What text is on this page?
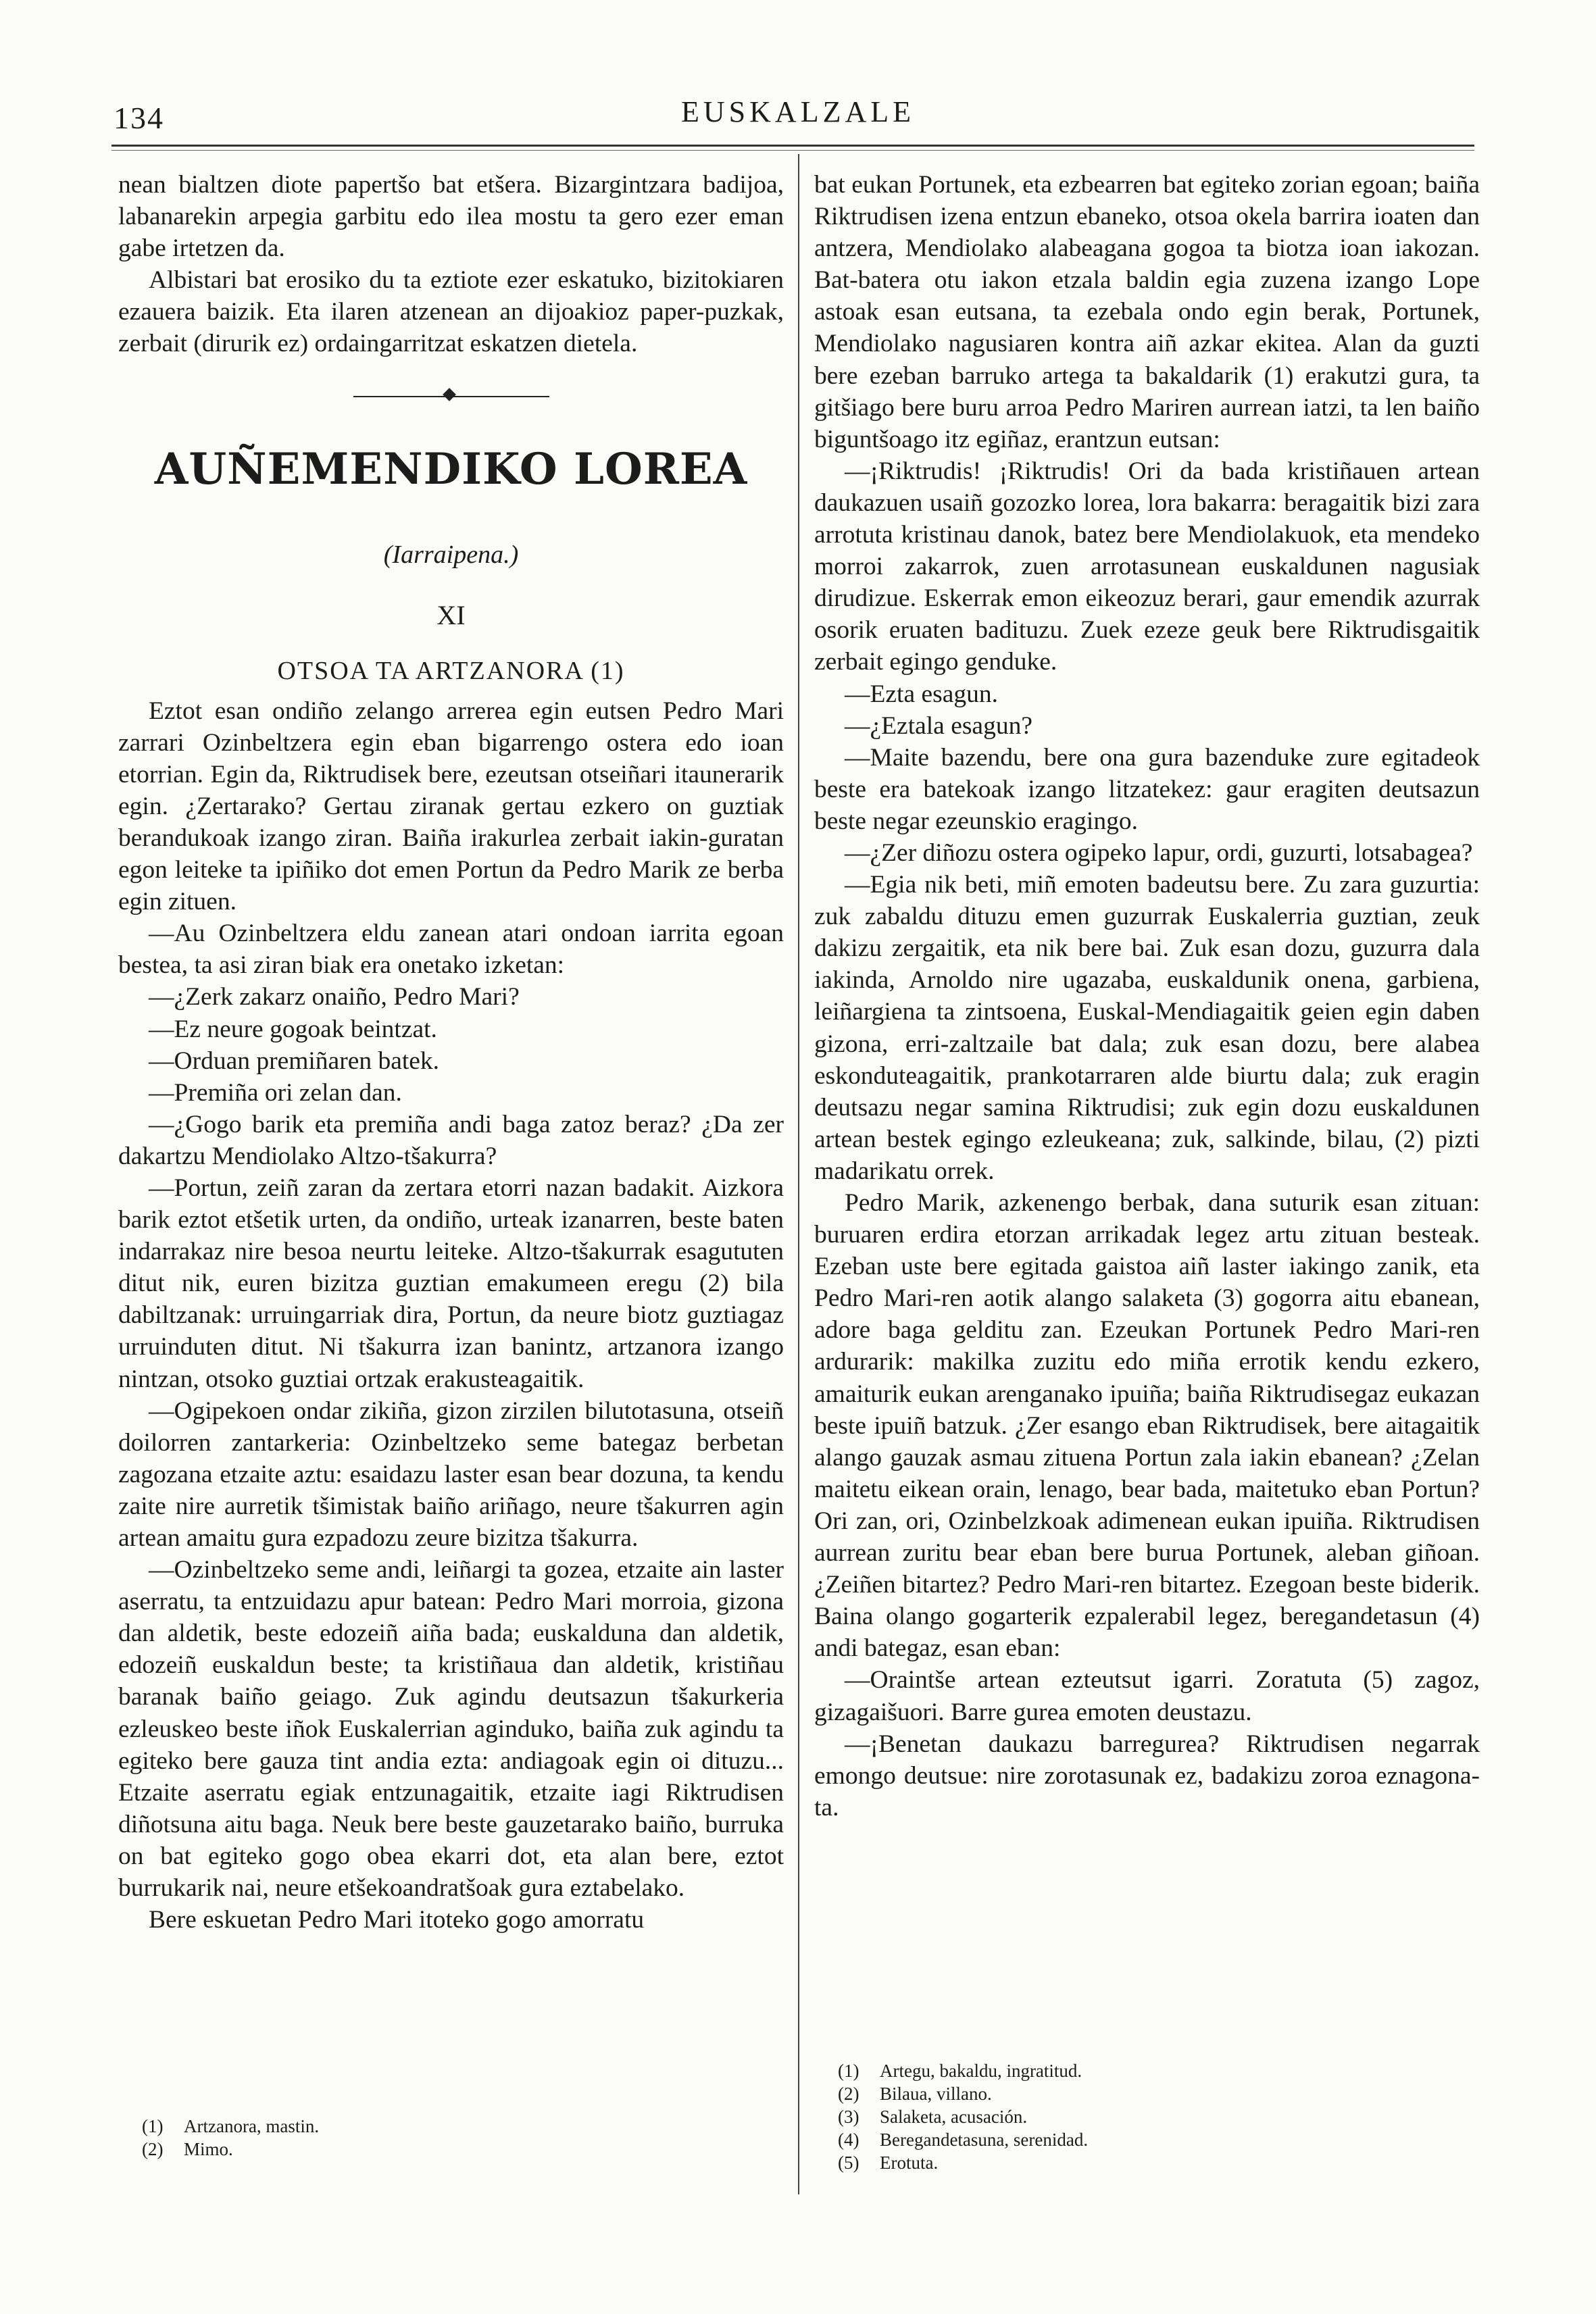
134	EUSKALZALE

nean bialtzen diote papertšo bat etšera. Bizargintzara badijoa, labanarekin arpegia garbitu edo ilea mostu ta gero ezer eman gabe irtetzen da.

Albistari bat erosiko du ta eztiote ezer eskatuko, bizitokiaren ezauera baizik. Eta ilaren atzenean an dijoakioz paper-puzkak, zerbait (dirurik ez) ordaingarritzat eskatzen dietela.

AUÑEMENDIKO LOREA
(Iarraipena.)
XI
OTSOA TA ARTZANORA (1)

Eztot esan ondiño zelango arrerea egin eutsen Pedro Mari zarrari Ozinbeltzera egin eban bigarrengo ostera edo ioan etorrian. Egin da, Riktrudisek bere, ezeutsan otseiñari itaunerarik egin. ¿Zertarako? Gertau ziranak gertau ezkero on guztiak berandukoak izango ziran. Baiña irakurlea zerbait iakin-guratan egon leiteke ta ipiñiko dot emen Portun da Pedro Marik ze berba egin zituen.

—Au Ozinbeltzera eldu zanean atari ondoan iarrita egoan bestea, ta asi ziran biak era onetako izketan:

—¿Zerk zakarz onaiño, Pedro Mari?

—Ez neure gogoak beintzat.

—Orduan premiñaren batek.

—Premiña ori zelan dan.

—¿Gogo barik eta premiña andi baga zatoz beraz? ¿Da zer dakartzu Mendiolako Altzo-tšakurra?

—Portun, zeiñ zaran da zertara etorri nazan badakit. Aizkora barik eztot etšetik urten, da ondiño, urteak izanarren, beste baten indarrakaz nire besoa neurtu leiteke. Altzo-tšakurrak esagututen ditut nik, euren bizitza guztian emakumeen eregu (2) bila dabiltzanak: urruingarriak dira, Portun, da neure biotz guztiagaz urruinduten ditut. Ni tšakurra izan banintz, artzanora izango nintzan, otsoko guztiai ortzak erakusteagaitik.

—Ogipekoen ondar zikiña, gizon zirzilen bilutotasuna, otseiñ doilorren zantarkeria: Ozinbeltzeko seme bategaz berbetan zagozana etzaite aztu: esaidazu laster esan bear dozuna, ta kendu zaite nire aurretik tšimistak baiño ariñago, neure tšakurren agin artean amaitu gura ezpadozu zeure bizitza tšakurra.

—Ozinbeltzeko seme andi, leiñargi ta gozea, etzaite ain laster aserratu, ta entzuidazu apur batean: Pedro Mari morroia, gizona dan aldetik, beste edozeiñ aiña bada; euskalduna dan aldetik, edozeiñ euskaldun beste; ta kristiñaua dan aldetik, kristiñau baranak baiño geiago. Zuk agindu deutsazun tšakurkeria ezleuskeo beste iñok Euskalerrian aginduko, baiña zuk agindu ta egiteko bere gauza tint andia ezta: andiagoak egin oi dituzu... Etzaite aserratu egiak entzunagaitik, etzaite iagi Riktrudisen diñotsuna aitu baga. Neuk bere beste gauzetarako baiño, burruka on bat egiteko gogo obea ekarri dot, eta alan bere, eztot burrukarik nai, neure etšekoandratšoak gura eztabelako.

Bere eskuetan Pedro Mari itoteko gogo amorratu

bat eukan Portunek, eta ezbearren bat egiteko zorian egoan; baiña Riktrudisen izena entzun ebaneko, otsoa okela barrira ioaten dan antzera, Mendiolako alabeagana gogoa ta biotza ioan iakozan. Bat-batera otu iakon etzala baldin egia zuzena izango Lope astoak esan eutsana, ta ezebala ondo egin berak, Portunek, Mendiolako nagusiaren kontra aiñ azkar ekitea. Alan da guzti bere ezeban barruko artega ta bakaldarik (1) erakutzi gura, ta gitšiago bere buru arroa Pedro Mariren aurrean iatzi, ta len baiño biguntšoago itz egiñaz, erantzun eutsan:

—¡Riktrudis! ¡Riktrudis! Ori da bada kristiñauen artean daukazuen usaiñ gozozko lorea, lora bakarra: beragaitik bizi zara arrotuta kristinau danok, batez bere Mendiolakuok, eta mendeko morroi zakarrok, zuen arrotasunean euskaldunen nagusiak dirudizue. Eskerrak emon eikeozuz berari, gaur emendik azurrak osorik eruaten badituzu. Zuek ezeze geuk bere Riktrudisgaitik zerbait egingo genduke.

—Ezta esagun.

—¿Eztala esagun?

—Maite bazendu, bere ona gura bazenduke zure egitadeok beste era batekoak izango litzatekez: gaur eragiten deutsazun beste negar ezeunskio eragingo.

—¿Zer diñozu ostera ogipeko lapur, ordi, guzurti, lotsabagea?

—Egia nik beti, miñ emoten badeutsu bere. Zu zara guzurtia: zuk zabaldu dituzu emen guzurrak Euskalerria guztian, zeuk dakizu zergaitik, eta nik bere bai. Zuk esan dozu, guzurra dala iakinda, Arnoldo nire ugazaba, euskaldunik onena, garbiena, leiñargiena ta zintsoena, Euskal-Mendiagaitik geien egin daben gizona, erri-zaltzaile bat dala; zuk esan dozu, bere alabea eskonduteagaitik, prankotarraren alde biurtu dala; zuk eragin deutsazu negar samina Riktrudisi; zuk egin dozu euskaldunen artean bestek egingo ezleukeana; zuk, salkinde, bilau, (2) pizti madarikatu orrek.

Pedro Marik, azkenengo berbak, dana suturik esan zituan: buruaren erdira etorzan arrikadak legez artu zituan besteak. Ezeban uste bere egitada gaistoa aiñ laster iakingo zanik, eta Pedro Mari-ren aotik alango salaketa (3) gogorra aitu ebanean, adore baga gelditu zan. Ezeukan Portunek Pedro Mari-ren ardurarik: makilka zuzitu edo miña errotik kendu ezkero, amaiturik eukan arenganako ipuiña; baiña Riktrudisegaz eukazan beste ipuiñ batzuk. ¿Zer esango eban Riktrudisek, bere aitagaitik alango gauzak asmau zituena Portun zala iakin ebanean? ¿Zelan maitetu eikean orain, lenago, bear bada, maitetuko eban Portun? Ori zan, ori, Ozinbelzkoak adimenean eukan ipuiña. Riktrudisen aurrean zuritu bear eban bere burua Portunek, aleban giñoan. ¿Zeiñen bitartez? Pedro Mari-ren bitartez. Ezegoan beste biderik. Baina olango gogarterik ezpalerabil legez, beregandetasun (4) andi bategaz, esan eban:

—Oraintše artean ezteutsut igarri. Zoratuta (5) zagoz, gizagaišuori. Barre gurea emoten deustazu.

—¡Benetan daukazu barregurea? Riktrudisen negarrak emongo deutsue: nire zorotasunak ez, badakizu zoroa eznagona-ta.

(1)	Artzanora, mastin.
(2)	Mimo.
(1)	Artegu, bakaldu, ingratitud.
(2)	Bilaua, villano.
(3)	Salaketa, acusación.
(4)	Beregandetasuna, serenidad.
(5)	Erotuta.
